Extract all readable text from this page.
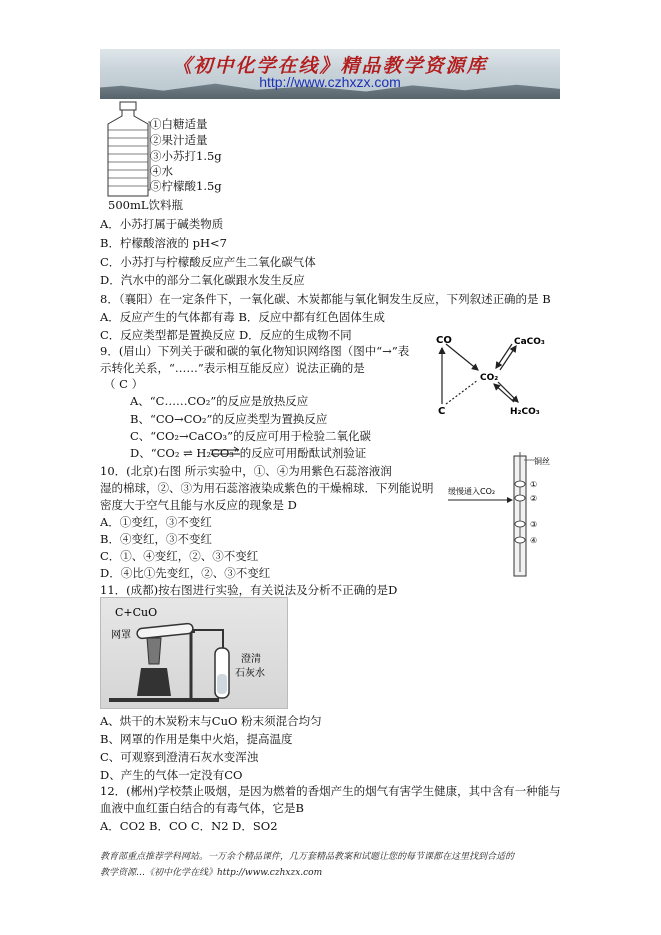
《初中化学在线》精品教学资源库
http://www.czhxzx.com
①白糖适量
②果汁适量
③小苏打1.5g
④水
⑤柠檬酸1.5g
500mL饮料瓶
A．小苏打属于碱类物质
B．柠檬酸溶液的 pH<7
C．小苏打与柠檬酸反应产生二氧化碳气体
D．汽水中的部分二氧化碳跟水发生反应
8．（襄阳）在一定条件下，一氧化碳、木炭都能与氧化铜发生反应，下列叙述正确的是 B
A．反应产生的气体都有毒 B．反应中都有红色固体生成
C．反应类型都是置换反应 D．反应的生成物不同
9．(眉山）下列关于碳和碳的氧化物知识网络图（图中“→”表
示转化关系，“……”表示相互能反应）说法正确的是
（ C ）
A、“C……CO₂”的反应是放热反应
B、“CO→CO₂”的反应类型为置换反应
C、“CO₂→CaCO₃”的反应可用于检验二氧化碳
D、“CO₂ ⇌ H₂CO₃”的反应可用酚酞试剂验证
10．(北京)右图 所示实验中，①、④为用紫色石蕊溶液润
湿的棉球，②、③为用石蕊溶液染成紫色的干燥棉球．下列能说明
密度大于空气且能与水反应的现象是 D
A．①变红，③不变红
B．④变红，③不变红
C．①、④变红，②、③不变红
D．④比①先变红，②、③不变红
11．(成都)按右图进行实验，有关说法及分析不正确的是D
A、烘干的木炭粉末与CuO 粉末须混合均匀
B、网罩的作用是集中火焰，提高温度
C、可观察到澄清石灰水变浑浊
D、产生的气体一定没有CO
12．(郴州)学校禁止吸烟，是因为燃着的香烟产生的烟气有害学生健康，其中含有一种能与
血液中血红蛋白结合的有毒气体，它是B
A．CO2 B．CO C．N2 D．SO2
CO	CaCO₃
CO₂
C	H₂CO₃
缓慢通入CO₂
铜丝
①
②
③
④
C+CuO
网罩
澄清
石灰水
教育部重点推荐学科网站。一万余个精品课件，几万套精品教案和试题让您的每节课都在这里找到合适的
教学资源…《初中化学在线》http://www.czhxzx.com
